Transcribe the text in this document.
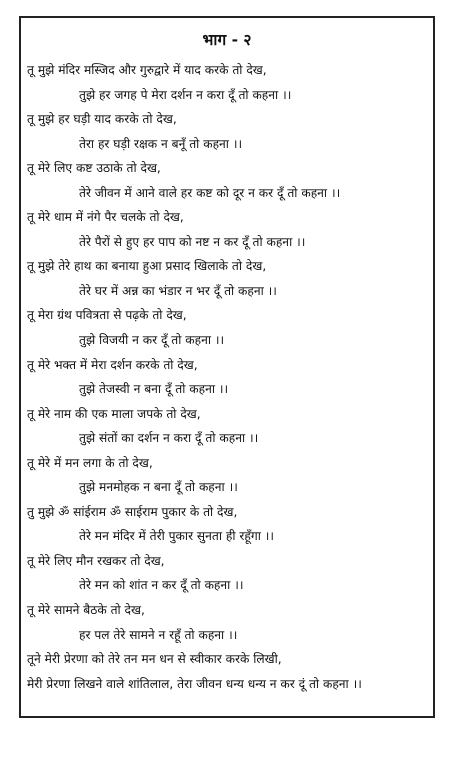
भाग - २
तू मुझे मंदिर मस्जिद और गुरुद्वारे में याद करके तो देख,
तुझे हर जगह पे मेरा दर्शन न करा दूँ तो कहना ।।
तू मुझे हर घड़ी याद करके तो देख,
तेरा हर घड़ी रक्षक न बनूँ तो कहना ।।
तू मेरे लिए कष्ट उठाके तो देख,
तेरे जीवन में आने वाले हर कष्ट को दूर न कर दूँ तो कहना ।।
तू मेरे धाम में नंगे पैर चलके तो देख,
तेरे पैरों से हुए हर पाप को नष्ट न कर दूँ तो कहना ।।
तू मुझे तेरे हाथ का बनाया हुआ प्रसाद खिलाके तो देख,
तेरे घर में अन्न का भंडार न भर दूँ तो कहना ।।
तू मेरा ग्रंथ पवित्रता से पढ़के तो देख,
तुझे विजयी न कर दूँ तो कहना ।।
तू मेरे भक्त में मेरा दर्शन करके तो देख,
तुझे तेजस्वी न बना दूँ तो कहना ।।
तू मेरे नाम की एक माला जपके तो देख,
तुझे संतों का दर्शन न करा दूँ तो कहना ।।
तू मेरे में मन लगा के तो देख,
तुझे मनमोहक न बना दूँ तो कहना ।।
तु मुझे ॐ सांईराम ॐ साईराम पुकार के तो देख,
तेरे मन मंदिर में तेरी पुकार सुनता ही रहूँगा ।।
तू मेरे लिए मौन रखकर तो देख,
तेरे मन को शांत न कर दूँ तो कहना ।।
तू मेरे सामने बैठके तो देख,
हर पल तेरे सामने न रहूँ तो कहना ।।
तूने मेरी प्रेरणा को तेरे तन मन धन से स्वीकार करके लिखी,
मेरी प्रेरणा लिखने वाले शांतिलाल, तेरा जीवन धन्य धन्य न कर दूं तो कहना ।।
